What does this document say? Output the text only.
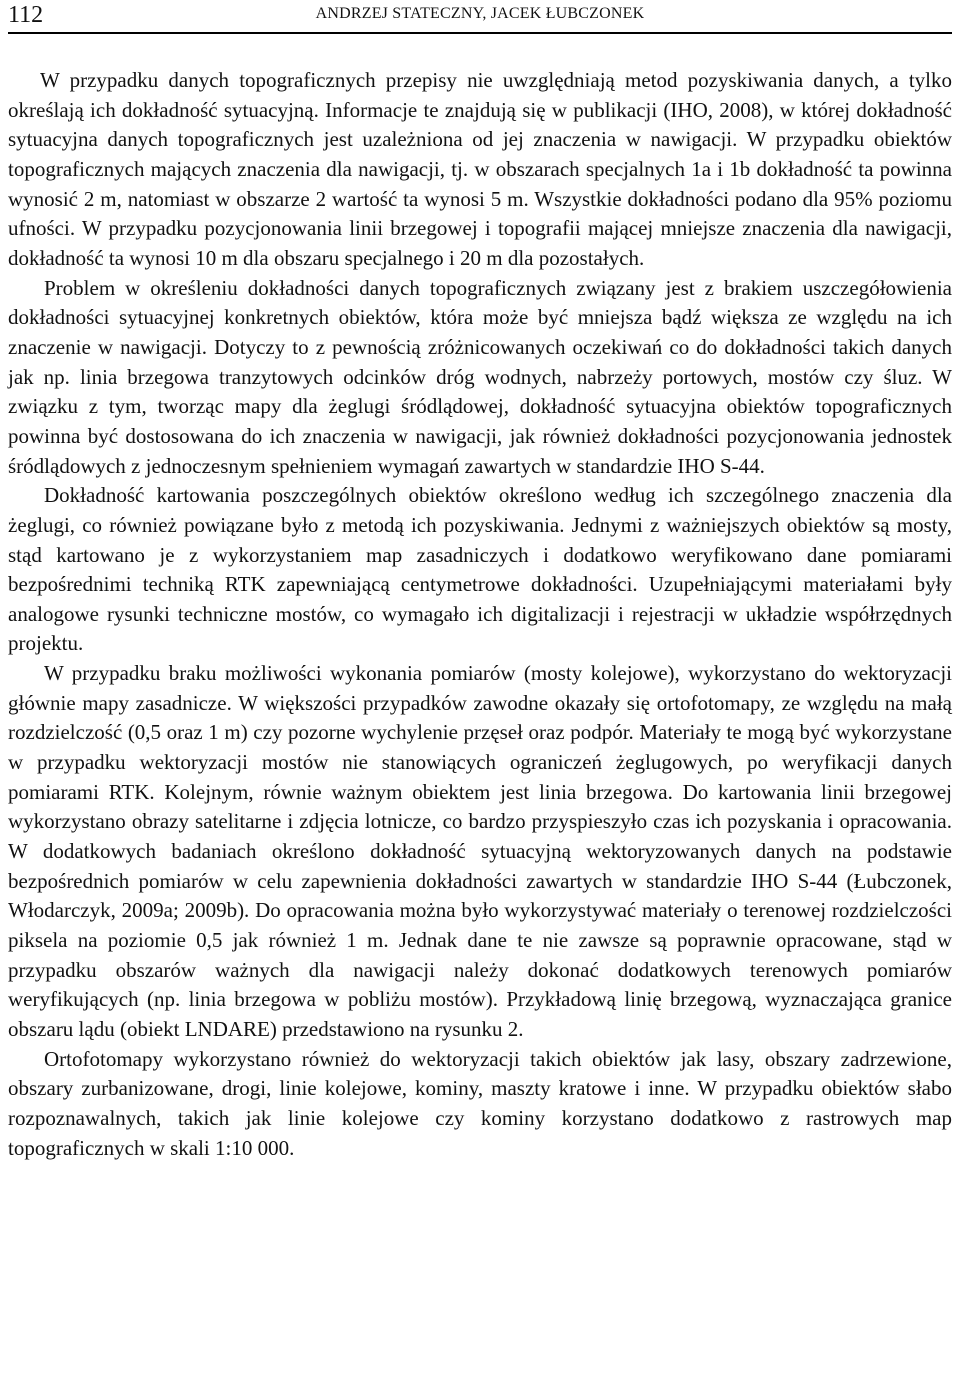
112	ANDRZEJ STATECZNY, JACEK ŁUBCZONEK

W przypadku danych topograficznych przepisy nie uwzględniają metod pozyskiwania danych, a tylko określają ich dokładność sytuacyjną. Informacje te znajdują się w publikacji (IHO, 2008), w której dokładność sytuacyjna danych topograficznych jest uzależniona od jej znaczenia w nawigacji. W przypadku obiektów topograficznych mających znaczenia dla nawigacji, tj. w obszarach specjalnych 1a i 1b dokładność ta powinna wynosić 2 m, natomiast w obszarze 2 wartość ta wynosi 5 m. Wszystkie dokładności podano dla 95% poziomu ufności. W przypadku pozycjonowania linii brzegowej i topografii mającej mniejsze znaczenia dla nawigacji, dokładność ta wynosi 10 m dla obszaru specjalnego i 20 m dla pozostałych.

Problem w określeniu dokładności danych topograficznych związany jest z brakiem uszczegółowienia dokładności sytuacyjnej konkretnych obiektów, która może być mniejsza bądź większa ze względu na ich znaczenie w nawigacji. Dotyczy to z pewnością zróżnicowanych oczekiwań co do dokładności takich danych jak np. linia brzegowa tranzytowych odcinków dróg wodnych, nabrzeży portowych, mostów czy śluz. W związku z tym, tworząc mapy dla żeglugi śródlądowej, dokładność sytuacyjna obiektów topograficznych powinna być dostosowana do ich znaczenia w nawigacji, jak również dokładności pozycjonowania jednostek śródlądowych z jednoczesnym spełnieniem wymagań zawartych w standardzie IHO S-44.

Dokładność kartowania poszczególnych obiektów określono według ich szczególnego znaczenia dla żeglugi, co również powiązane było z metodą ich pozyskiwania. Jednymi z ważniejszych obiektów są mosty, stąd kartowano je z wykorzystaniem map zasadniczych i dodatkowo weryfikowano dane pomiarami bezpośrednimi techniką RTK zapewniającą centymetrowe dokładności. Uzupełniającymi materiałami były analogowe rysunki techniczne mostów, co wymagało ich digitalizacji i rejestracji w układzie współrzędnych projektu.

W przypadku braku możliwości wykonania pomiarów (mosty kolejowe), wykorzystano do wektoryzacji głównie mapy zasadnicze. W większości przypadków zawodne okazały się ortofotomapy, ze względu na małą rozdzielczość (0,5 oraz 1 m) czy pozorne wychylenie przęseł oraz podpór. Materiały te mogą być wykorzystane w przypadku wektoryzacji mostów nie stanowiących ograniczeń żeglugowych, po weryfikacji danych pomiarami RTK. Kolejnym, równie ważnym obiektem jest linia brzegowa. Do kartowania linii brzegowej wykorzystano obrazy satelitarne i zdjęcia lotnicze, co bardzo przyspieszyło czas ich pozyskania i opracowania. W dodatkowych badaniach określono dokładność sytuacyjną wektoryzowanych danych na podstawie bezpośrednich pomiarów w celu zapewnienia dokładności zawartych w standardzie IHO S-44 (Łubczonek, Włodarczyk, 2009a; 2009b). Do opracowania można było wykorzystywać materiały o terenowej rozdzielczości piksela na poziomie 0,5 jak również 1 m. Jednak dane te nie zawsze są poprawnie opracowane, stąd w przypadku obszarów ważnych dla nawigacji należy dokonać dodatkowych terenowych pomiarów weryfikujących (np. linia brzegowa w pobliżu mostów). Przykładową linię brzegową, wyznaczająca granice obszaru lądu (obiekt LNDARE) przedstawiono na rysunku 2.

Ortofotomapy wykorzystano również do wektoryzacji takich obiektów jak lasy, obszary zadrzewione, obszary zurbanizowane, drogi, linie kolejowe, kominy, maszty kratowe i inne. W przypadku obiektów słabo rozpoznawalnych, takich jak linie kolejowe czy kominy korzystano dodatkowo z rastrowych map topograficznych w skali 1:10 000.
